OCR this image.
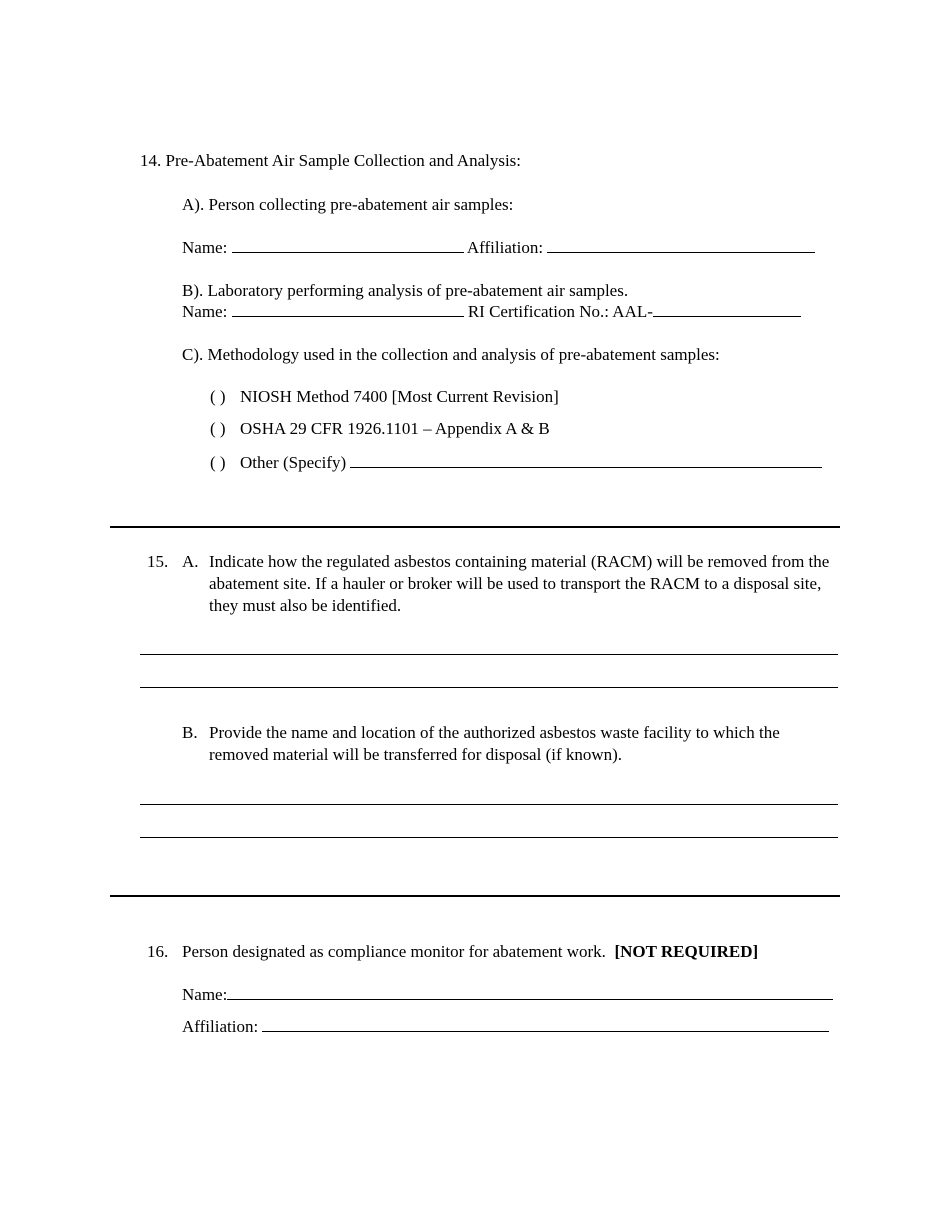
14. Pre-Abatement Air Sample Collection and Analysis:
A). Person collecting pre-abatement air samples:
Name:	Affiliation:
B). Laboratory performing analysis of pre-abatement air samples.
Name:	RI Certification No.: AAL-
C). Methodology used in the collection and analysis of pre-abatement samples:
( ) NIOSH Method 7400 [Most Current Revision]
( ) OSHA 29 CFR 1926.1101 – Appendix A & B
( ) Other (Specify)
15. A. Indicate how the regulated asbestos containing material (RACM) will be removed from the abatement site. If a hauler or broker will be used to transport the RACM to a disposal site, they must also be identified.
B. Provide the name and location of the authorized asbestos waste facility to which the removed material will be transferred for disposal (if known).
16. Person designated as compliance monitor for abatement work. [NOT REQUIRED]
Name:
Affiliation:
